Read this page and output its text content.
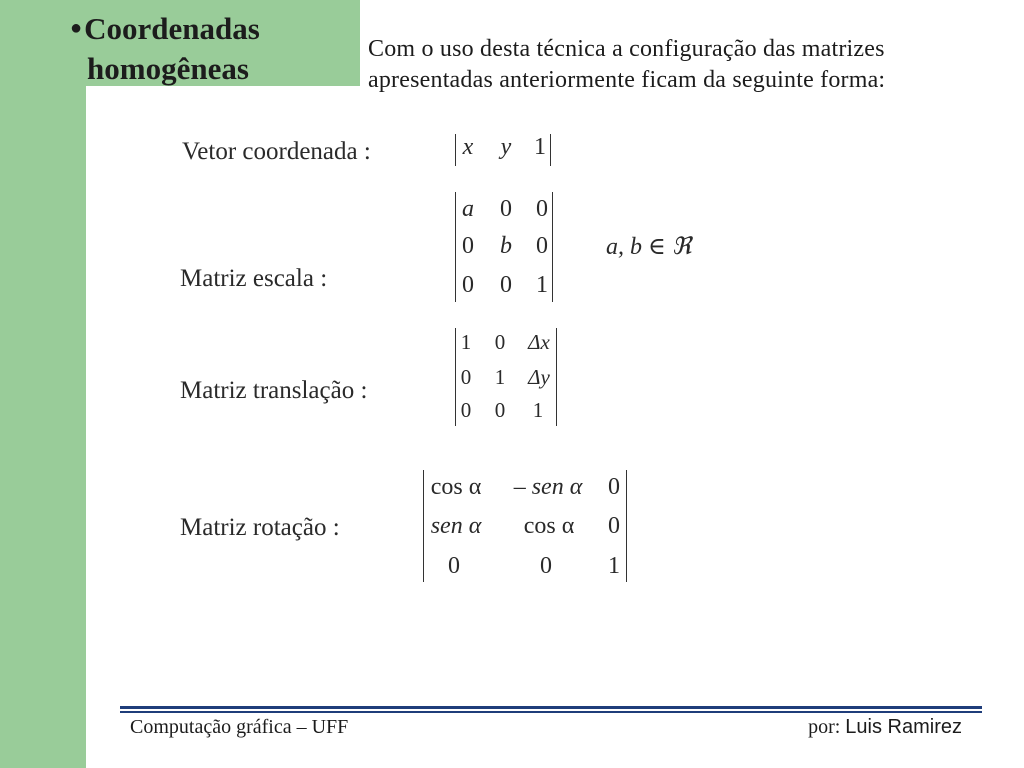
●Coordenadas
homogêneas
Com o uso desta técnica a configuração das matrizes
apresentadas anteriormente ficam da seguinte forma:
Vetor coordenada :	x y 1
Matriz escala :
a 0 0
0 b 0
0 0 1
a, b ∈ ℜ
Matriz translação :
1 0 Δx
0 1 Δy
0 0	1
Matriz rotação :
cos α	– sen α	0
sen α	cos α	0
0	0 1
Computação gráfica – UFF	por: Luis Ramirez
